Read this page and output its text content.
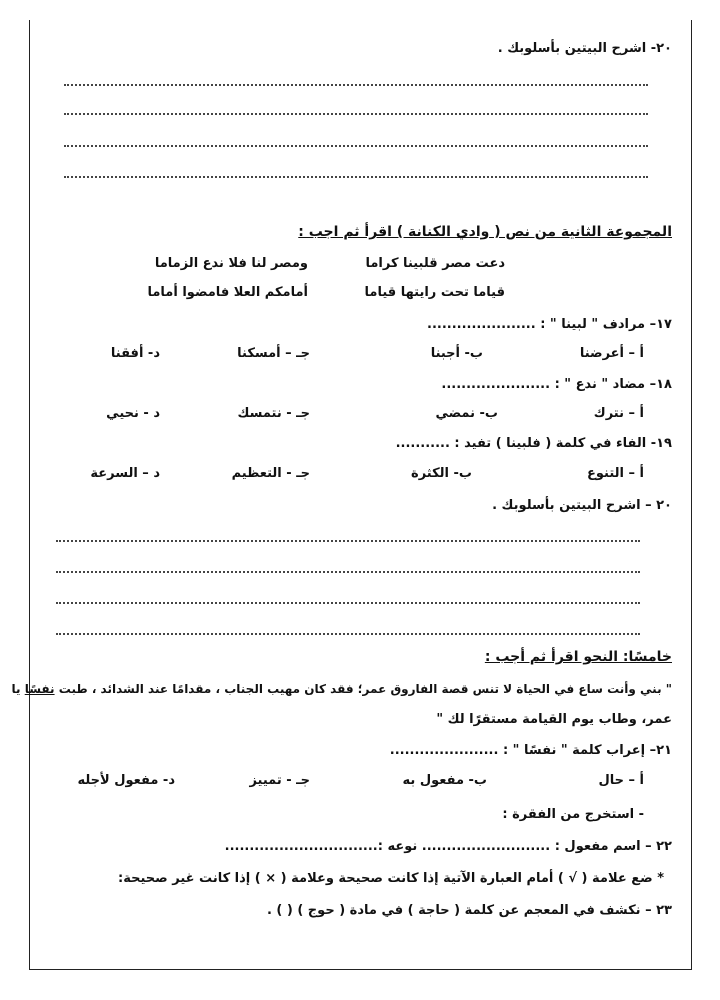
٢٠- اشرح البيتين بأسلوبك .
المجموعة الثانية من نص ( وادي الكنانة ) اقرأ ثم اجب :
دعت مصر قلبينا كراما
ومصر لنا فلا ندع الزماما
قياما تحت رايتها قياما
أمامكم العلا فامضوا أماما
١٧– مرادف " لبينا " : ......................
أ – أعرضنا
ب- أجبنا
جـ – أمسكنا
د- أفقنا
١٨– مضاد " ندع " : ......................
أ – نترك
ب- نمضي
جـ - نتمسك
د - نحيي
١٩- الفاء في كلمة ( فلبينا ) تفيد : ...........
أ – التنوع
ب- الكثرة
جـ - التعظيم
د – السرعة
٢٠ – اشرح البيتين بأسلوبك .
خامسًا: النحو اقرأ ثم أجب :
" بني وأنت ساع في الحياة لا تنس قصة الفاروق عمر؛ فقد كان مهيب الجناب ، مقدامًا عند الشدائد ، طبت نفسًا يا
عمر، وطاب يوم القيامة مستقرًا لك "
٢١– إعراب كلمة " نفسًا " : ......................
أ – حال
ب- مفعول به
جـ - تمييز
د- مفعول لأجله
- استخرج من الفقرة :
٢٢ – اسم مفعول : .......................... نوعه :...............................
* ضع علامة ( √ ) أمام العبارة الآتية إذا كانت صحيحة وعلامة ( × ) إذا كانت غير صحيحة:
٢٣ – نكشف في المعجم عن كلمة ( حاجة ) في مادة ( حوج ) ( ) .
